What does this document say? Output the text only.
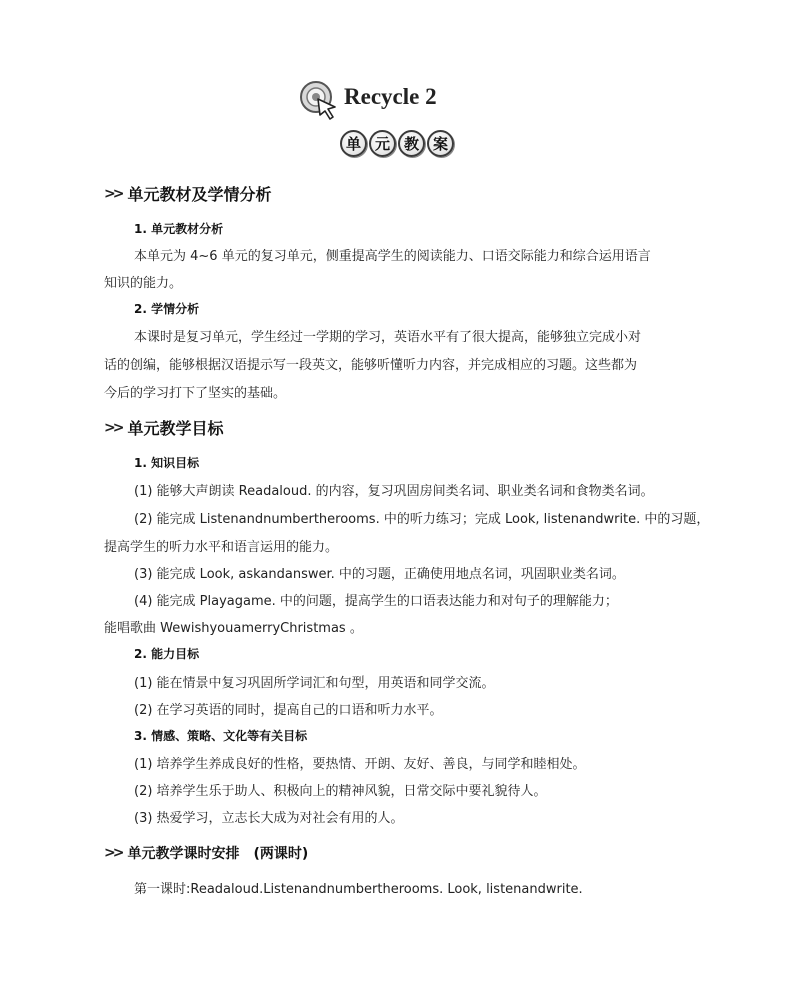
Recycle 2
单 元 教 案
>> 单元教材及学情分析
1. 单元教材分析
本单元为 4~6 单元的复习单元，侧重提高学生的阅读能力、口语交际能力和综合运用语言
知识的能力。
2. 学情分析
本课时是复习单元，学生经过一学期的学习，英语水平有了很大提高，能够独立完成小对
话的创编，能够根据汉语提示写一段英文，能够听懂听力内容，并完成相应的习题。这些都为
今后的学习打下了坚实的基础。
>> 单元教学目标
1. 知识目标
(1) 能够大声朗读 Readaloud. 的内容，复习巩固房间类名词、职业类名词和食物类名词。
(2) 能完成 Listenandnumbertherooms. 中的听力练习；完成 Look, listenandwrite. 中的习题，
提高学生的听力水平和语言运用的能力。
(3) 能完成 Look, askandanswer. 中的习题，正确使用地点名词，巩固职业类名词。
(4) 能完成 Playagame. 中的问题，提高学生的口语表达能力和对句子的理解能力；
能唱歌曲 WewishyouamerryChristmas 。
2. 能力目标
(1) 能在情景中复习巩固所学词汇和句型，用英语和同学交流。
(2) 在学习英语的同时，提高自己的口语和听力水平。
3. 情感、策略、文化等有关目标
(1) 培养学生养成良好的性格，要热情、开朗、友好、善良，与同学和睦相处。
(2) 培养学生乐于助人、积极向上的精神风貌，日常交际中要礼貌待人。
(3) 热爱学习，立志长大成为对社会有用的人。
>> 单元教学课时安排 (两课时)
第一课时:Readaloud.Listenandnumbertherooms. Look, listenandwrite.
